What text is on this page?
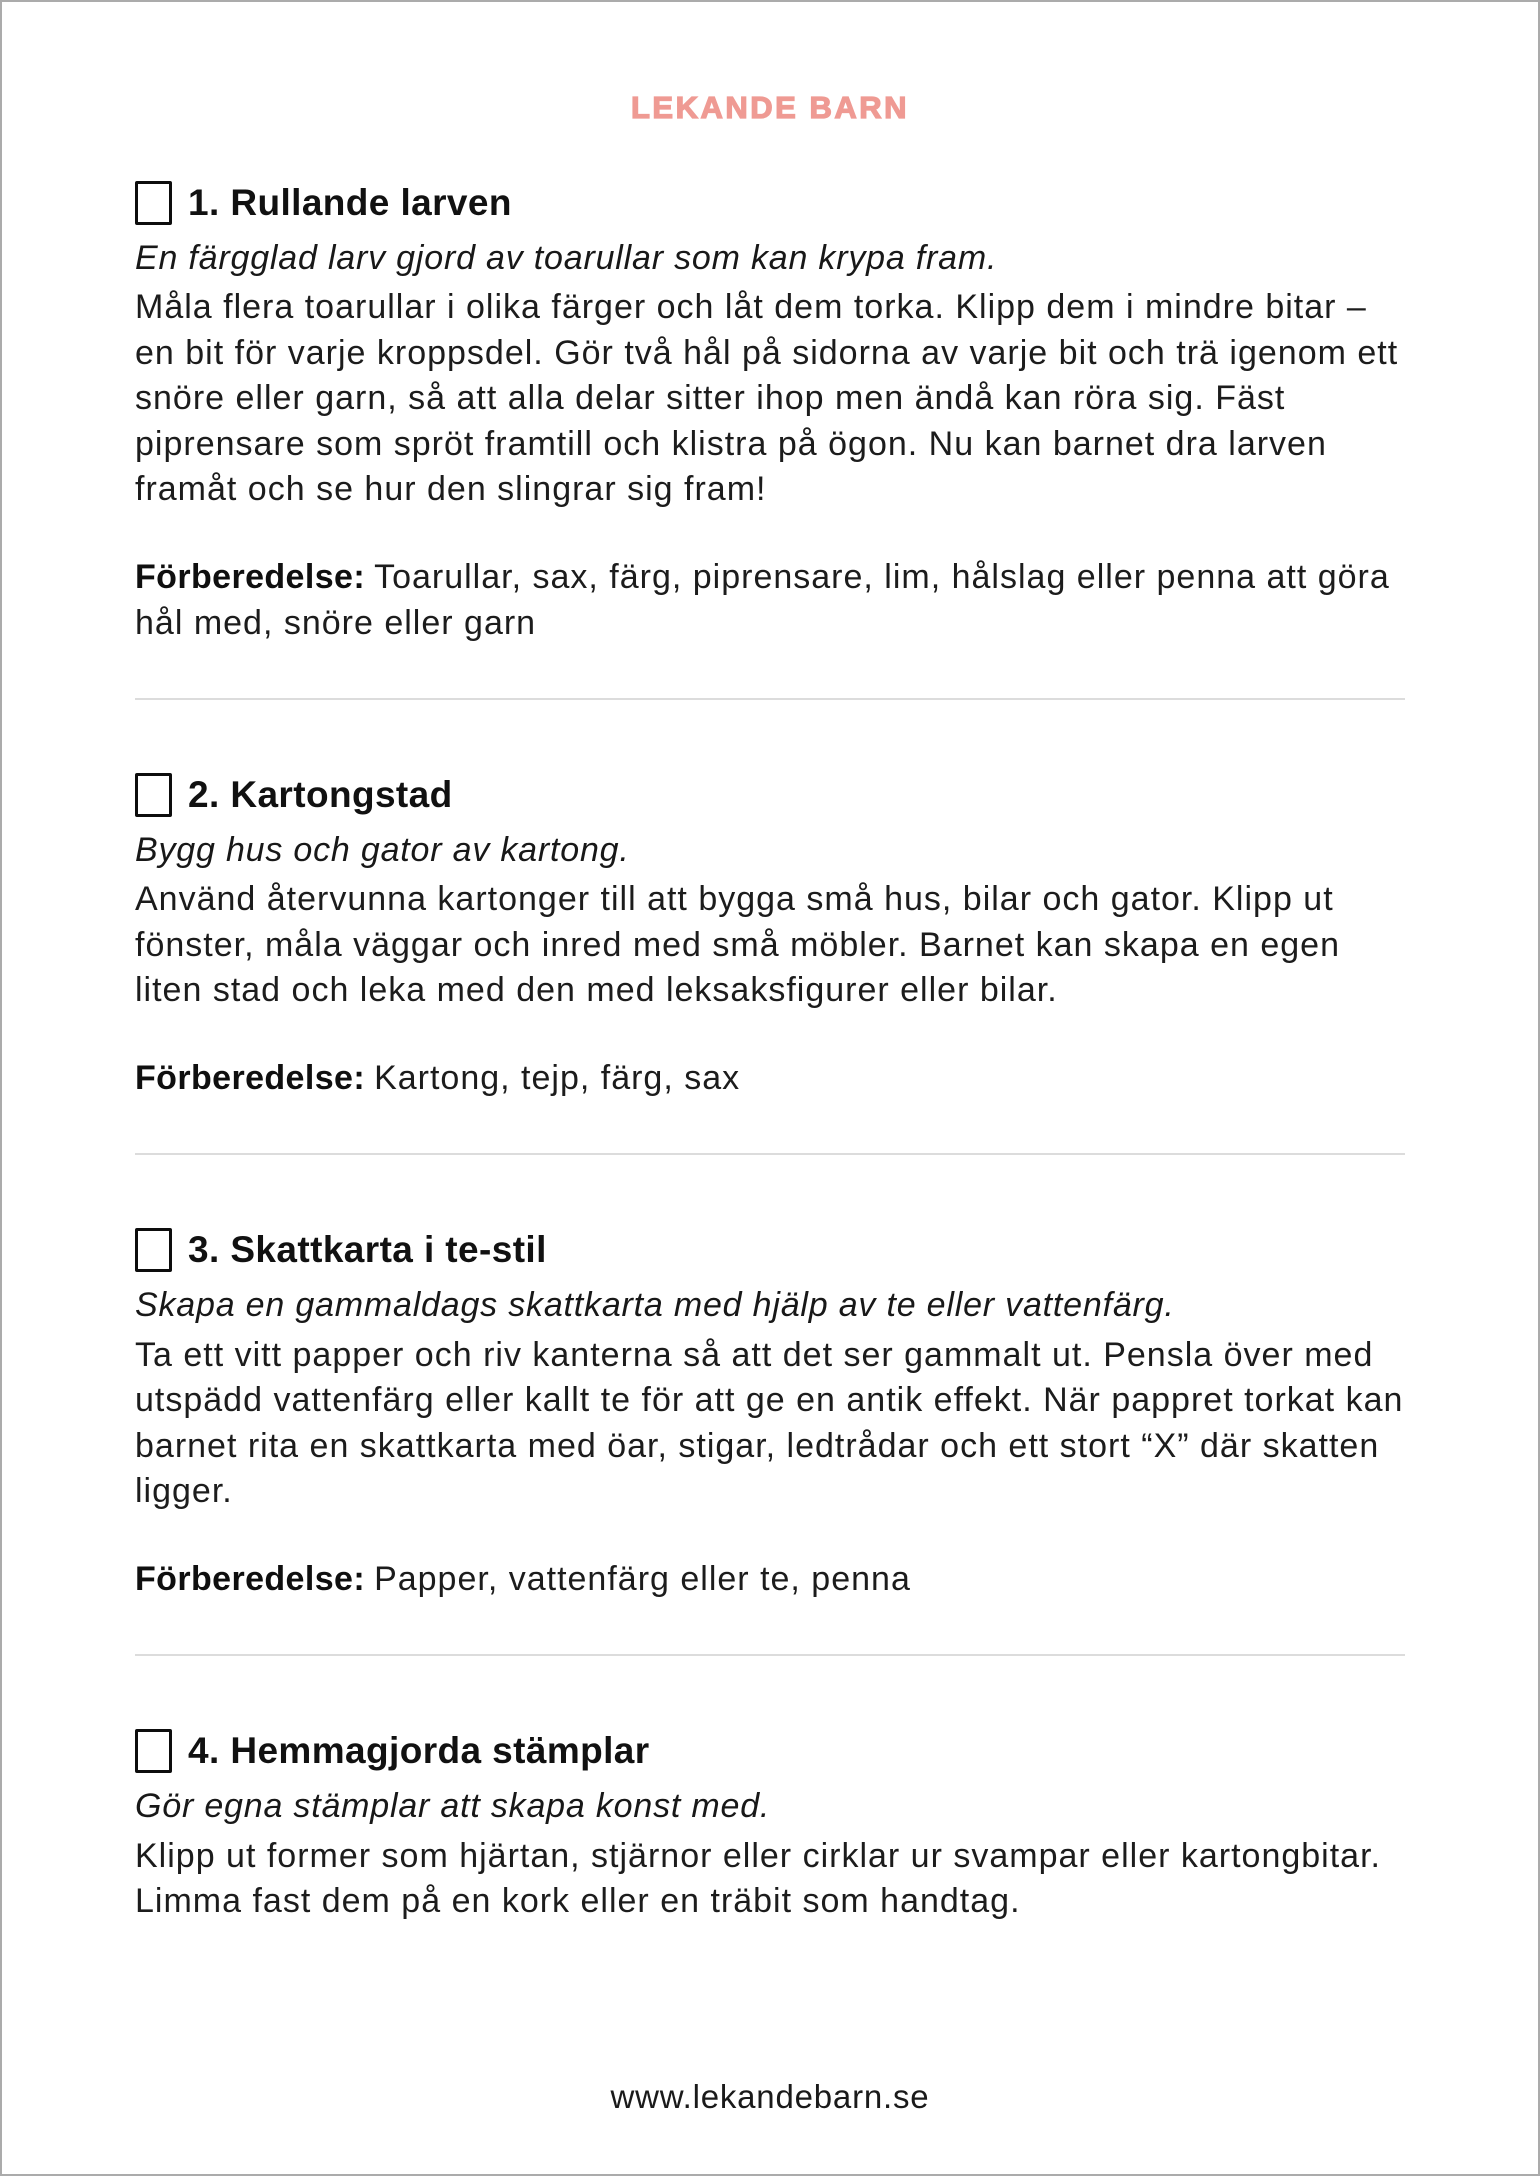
LEKANDE BARN
1. Rullande larven

En färgglad larv gjord av toarullar som kan krypa fram.

Måla flera toarullar i olika färger och låt dem torka. Klipp dem i mindre bitar – en bit för varje kroppsdel. Gör två hål på sidorna av varje bit och trä igenom ett snöre eller garn, så att alla delar sitter ihop men ändå kan röra sig. Fäst piprensare som spröt framtill och klistra på ögon. Nu kan barnet dra larven framåt och se hur den slingrar sig fram!

Förberedelse: Toarullar, sax, färg, piprensare, lim, hålslag eller penna att göra hål med, snöre eller garn

2. Kartongstad

Bygg hus och gator av kartong.

Använd återvunna kartonger till att bygga små hus, bilar och gator. Klipp ut fönster, måla väggar och inred med små möbler. Barnet kan skapa en egen liten stad och leka med den med leksaksfigurer eller bilar.

Förberedelse: Kartong, tejp, färg, sax

3. Skattkarta i te-stil

Skapa en gammaldags skattkarta med hjälp av te eller vattenfärg.

Ta ett vitt papper och riv kanterna så att det ser gammalt ut. Pensla över med utspädd vattenfärg eller kallt te för att ge en antik effekt. När pappret torkat kan barnet rita en skattkarta med öar, stigar, ledtrådar och ett stort “X” där skatten ligger.

Förberedelse: Papper, vattenfärg eller te, penna

4. Hemmagjorda stämplar

Gör egna stämplar att skapa konst med.

Klipp ut former som hjärtan, stjärnor eller cirklar ur svampar eller kartongbitar. Limma fast dem på en kork eller en träbit som handtag.

www.lekandebarn.se
